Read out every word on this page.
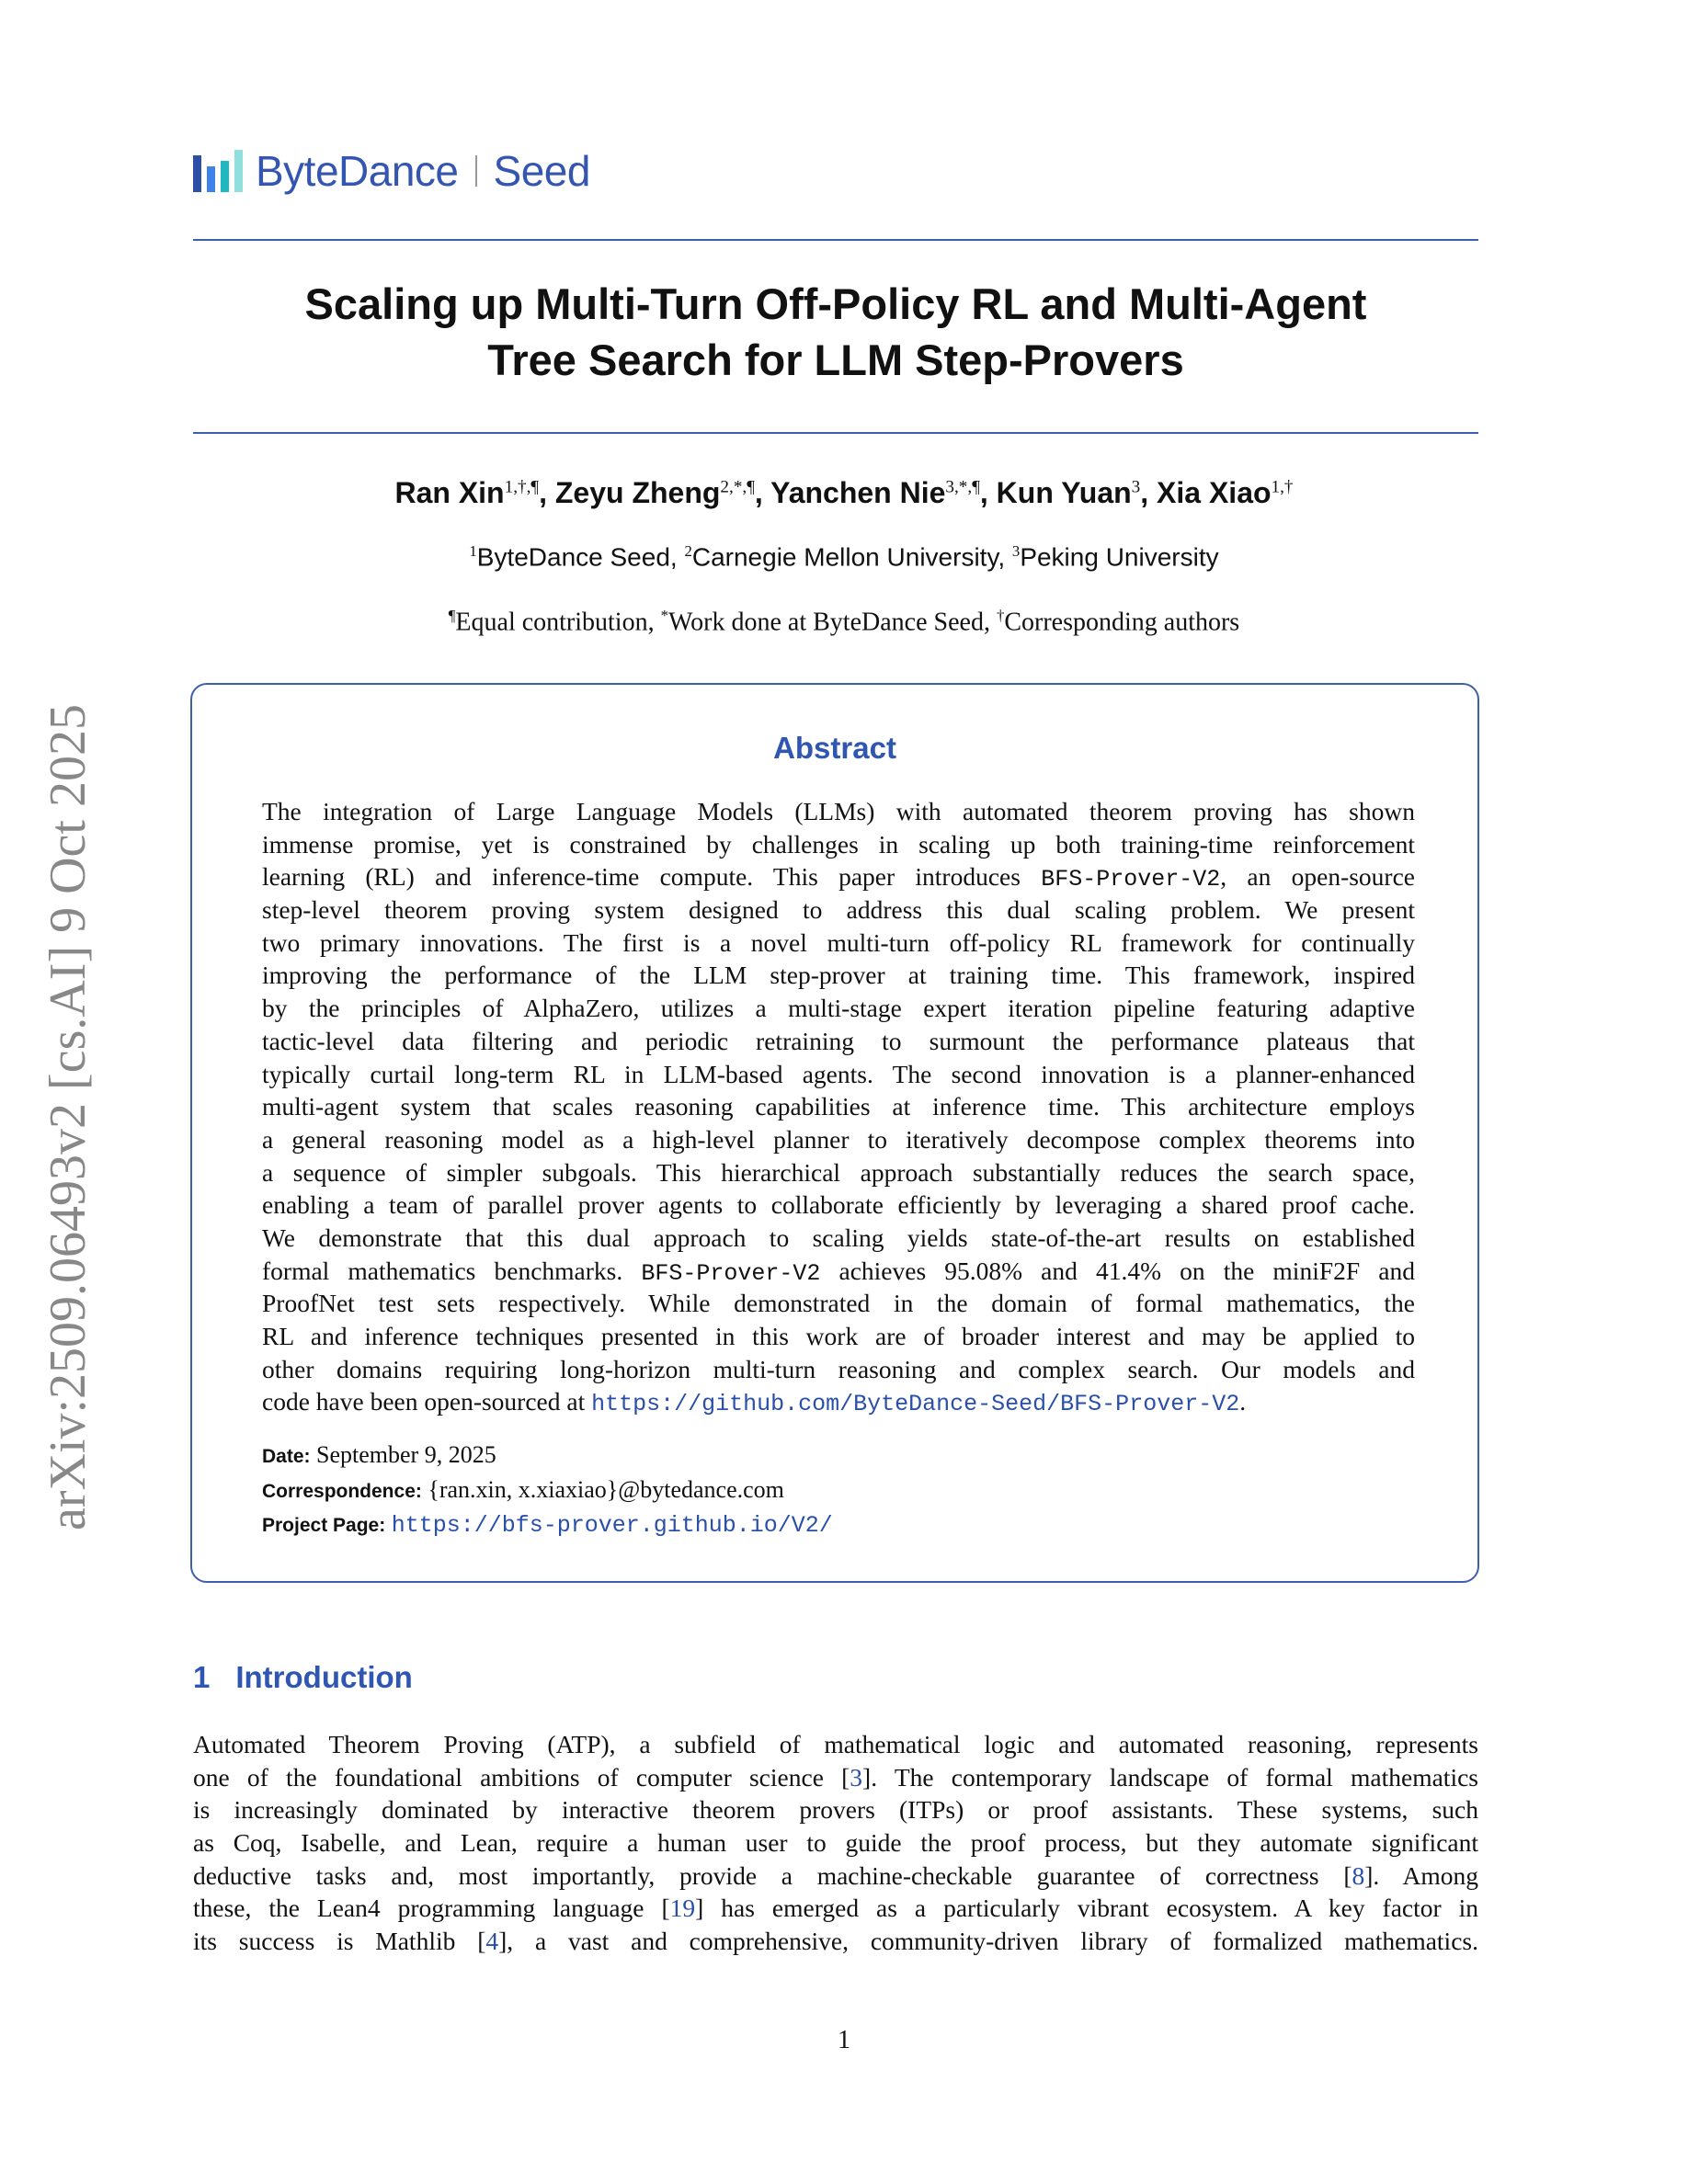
arXiv:2509.06493v2 [cs.AI] 9 Oct 2025
ByteDance Seed
Scaling up Multi-Turn Off-Policy RL and Multi-Agent
Tree Search for LLM Step-Provers
Ran Xin$^{1,\dagger,\P}$, Zeyu Zheng$^{2,*,\P}$, Yanchen Nie$^{3,*,\P}$, Kun Yuan$^3$, Xia Xiao$^{1,\dagger}$
$^1$ByteDance Seed, $^2$Carnegie Mellon University, $^3$Peking University
¶Equal contribution, *Work done at ByteDance Seed, †Corresponding authors
Abstract
The integration of Large Language Models (LLMs) with automated theorem proving has shown
immense promise, yet is constrained by challenges in scaling up both training-time reinforcement
learning (RL) and inference-time compute. This paper introduces BFS-Prover-V2, an open-source
step-level theorem proving system designed to address this dual scaling problem. We present
two primary innovations. The first is a novel multi-turn off-policy RL framework for continually
improving the performance of the LLM step-prover at training time. This framework, inspired
by the principles of AlphaZero, utilizes a multi-stage expert iteration pipeline featuring adaptive
tactic-level data filtering and periodic retraining to surmount the performance plateaus that
typically curtail long-term RL in LLM-based agents. The second innovation is a planner-enhanced
multi-agent system that scales reasoning capabilities at inference time. This architecture employs
a general reasoning model as a high-level planner to iteratively decompose complex theorems into
a sequence of simpler subgoals. This hierarchical approach substantially reduces the search space,
enabling a team of parallel prover agents to collaborate efficiently by leveraging a shared proof cache.
We demonstrate that this dual approach to scaling yields state-of-the-art results on established
formal mathematics benchmarks. BFS-Prover-V2 achieves 95.08% and 41.4% on the miniF2F and
ProofNet test sets respectively. While demonstrated in the domain of formal mathematics, the
RL and inference techniques presented in this work are of broader interest and may be applied to
other domains requiring long-horizon multi-turn reasoning and complex search. Our models and
code have been open-sourced at https://github.com/ByteDance-Seed/BFS-Prover-V2.
Date: September 9, 2025
Correspondence: {ran.xin, x.xiaxiao}@bytedance.com
Project Page: https://bfs-prover.github.io/V2/
1 Introduction
Automated Theorem Proving (ATP), a subfield of mathematical logic and automated reasoning, represents
one of the foundational ambitions of computer science [3]. The contemporary landscape of formal mathematics
is increasingly dominated by interactive theorem provers (ITPs) or proof assistants. These systems, such
as Coq, Isabelle, and Lean, require a human user to guide the proof process, but they automate significant
deductive tasks and, most importantly, provide a machine-checkable guarantee of correctness [8]. Among
these, the Lean4 programming language [19] has emerged as a particularly vibrant ecosystem. A key factor in
its success is Mathlib [4], a vast and comprehensive, community-driven library of formalized mathematics.
1
